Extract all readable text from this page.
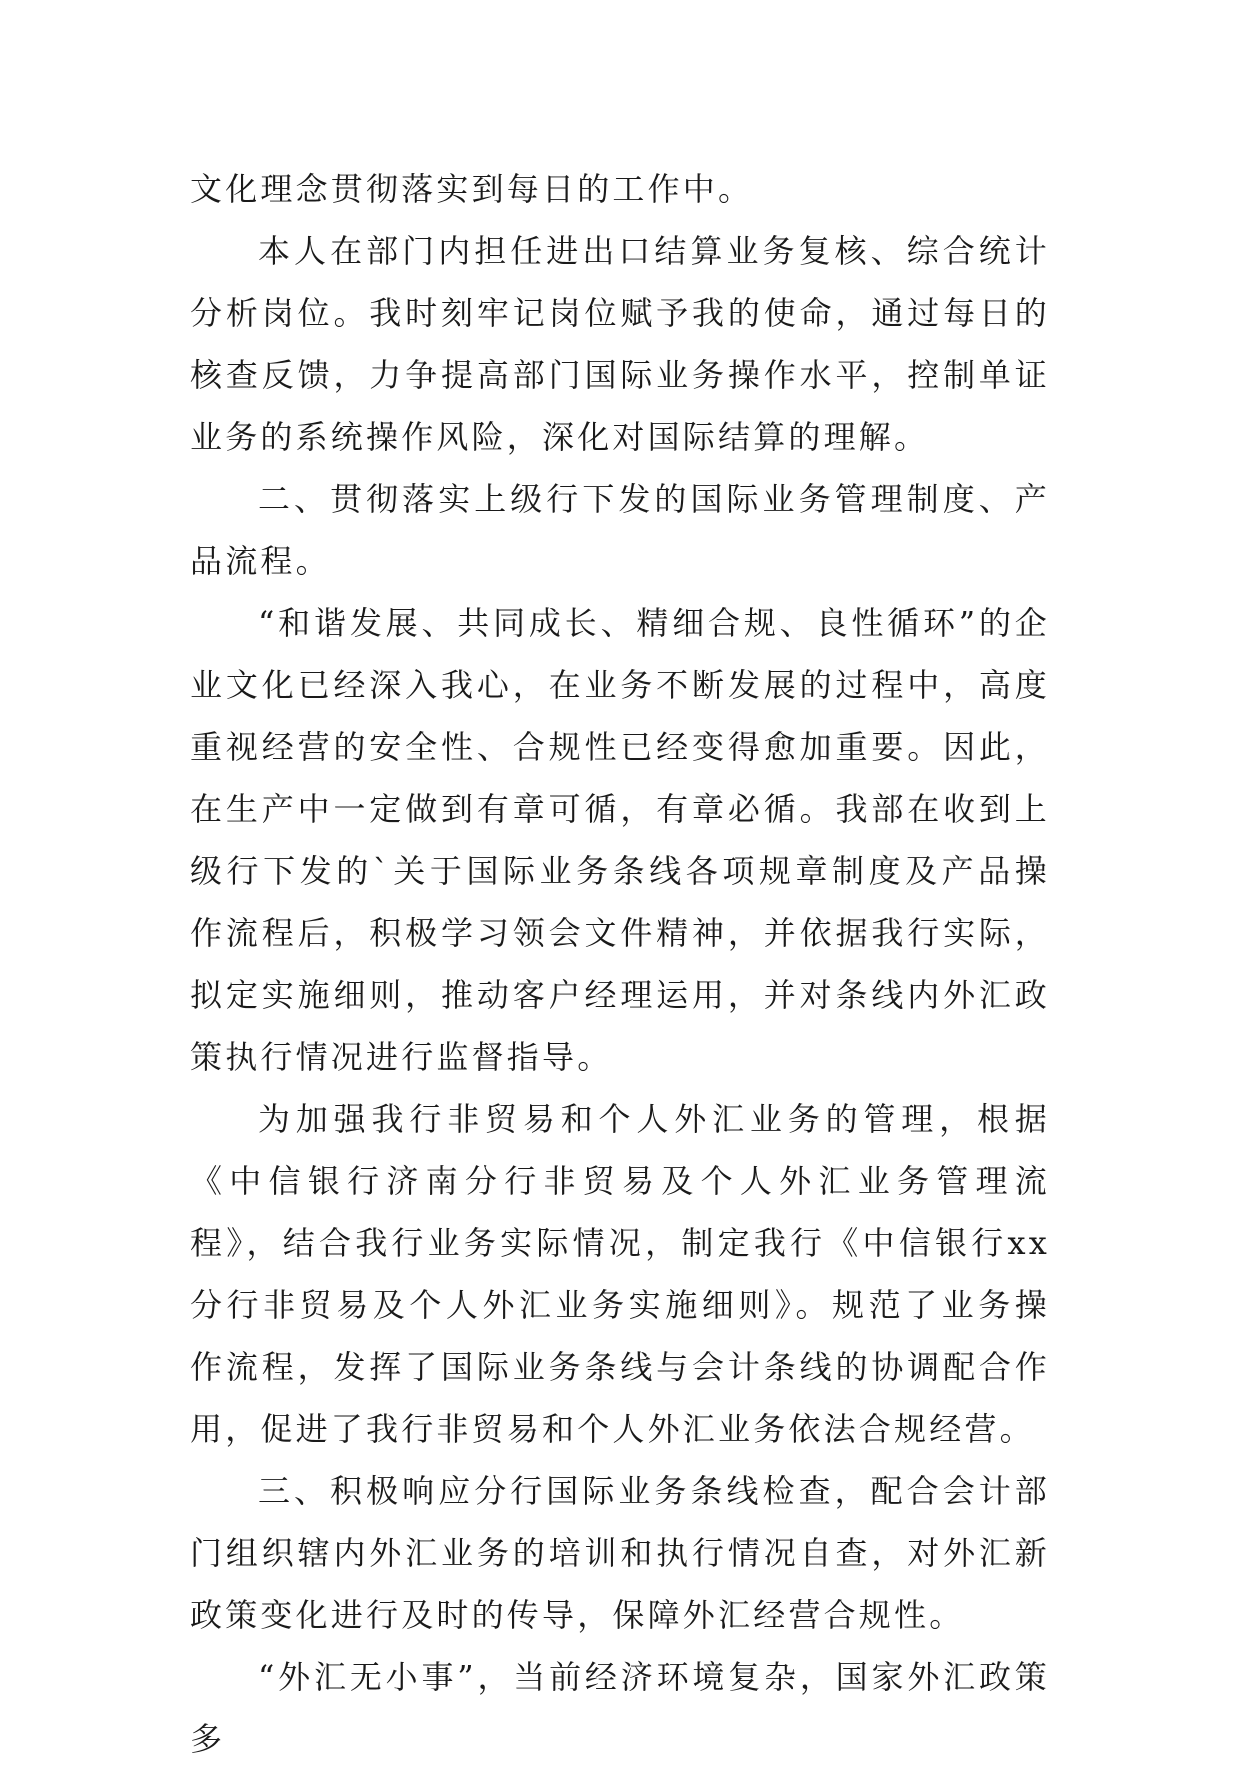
文化理念贯彻落实到每日的工作中。

本人在部门内担任进出口结算业务复核、综合统计分析岗位。我时刻牢记岗位赋予我的使命，通过每日的核查反馈，力争提高部门国际业务操作水平，控制单证业务的系统操作风险，深化对国际结算的理解。

二、贯彻落实上级行下发的国际业务管理制度、产品流程。

“和谐发展、共同成长、精细合规、良性循环”的企业文化已经深入我心，在业务不断发展的过程中，高度重视经营的安全性、合规性已经变得愈加重要。因此，在生产中一定做到有章可循，有章必循。我部在收到上级行下发的`关于国际业务条线各项规章制度及产品操作流程后，积极学习领会文件精神，并依据我行实际，拟定实施细则，推动客户经理运用，并对条线内外汇政策执行情况进行监督指导。

为加强我行非贸易和个人外汇业务的管理，根据《中信银行济南分行非贸易及个人外汇业务管理流程》，结合我行业务实际情况，制定我行《中信银行xx分行非贸易及个人外汇业务实施细则》。规范了业务操作流程，发挥了国际业务条线与会计条线的协调配合作用，促进了我行非贸易和个人外汇业务依法合规经营。

三、积极响应分行国际业务条线检查，配合会计部门组织辖内外汇业务的培训和执行情况自查，对外汇新政策变化进行及时的传导，保障外汇经营合规性。

“外汇无小事”，当前经济环境复杂，国家外汇政策多
